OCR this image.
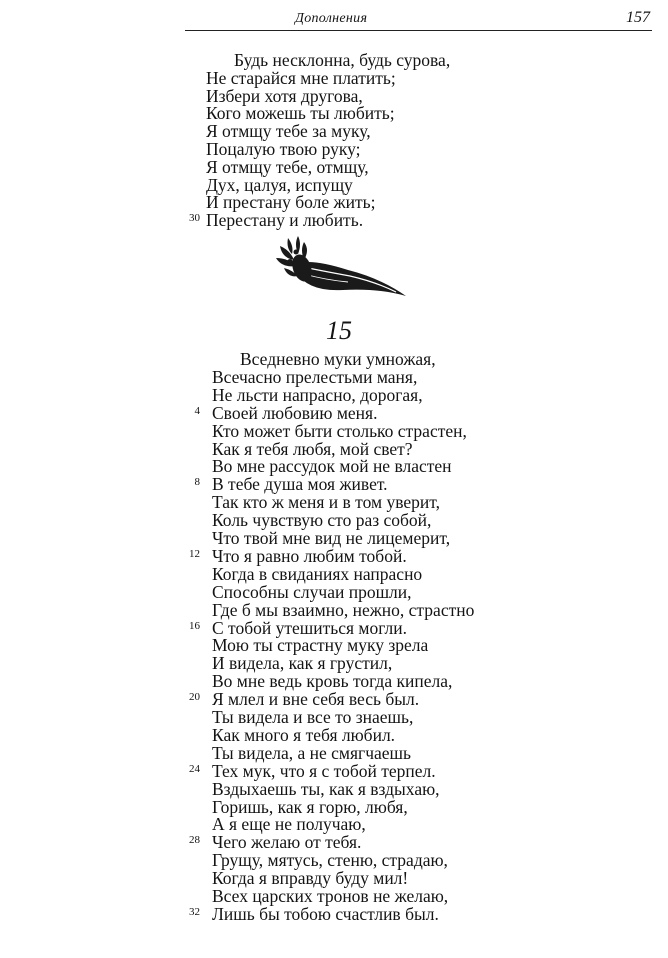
Дополнения	157
Будь несклонна, будь сурова,
Не старайся мне платить;
Избери хотя другова,
Кого можешь ты любить;
Я отмщу тебе за муку,
Поцалую твою руку;
Я отмщу тебе, отмщу,
Дух, цалуя, испущу
И престану боле жить;
Перестану и любить.
30
15
Вседневно муки умножая,
Всечасно прелестьми маня,
Не льсти напрасно, дорогая,
Своей любовию меня.
4
Кто может быти столько страстен,
Как я тебя любя, мой свет?
Во мне рассудок мой не властен
В тебе душа моя живет.
8
Так кто ж меня и в том уверит,
Коль чувствую сто раз собой,
Что твой мне вид не лицемерит,
Что я равно любим тобой.
12
Когда в свиданиях напрасно
Способны случаи прошли,
Где б мы взаимно, нежно, страстно
С тобой утешиться могли.
16
Мою ты страстну муку зрела
И видела, как я грустил,
Во мне ведь кровь тогда кипела,
Я млел и вне себя весь был.
20
Ты видела и все то знаешь,
Как много я тебя любил.
Ты видела, а не смягчаешь
Тех мук, что я с тобой терпел.
24
Вздыхаешь ты, как я вздыхаю,
Горишь, как я горю, любя,
А я еще не получаю,
Чего желаю от тебя.
28
Грущу, мятусь, стеню, страдаю,
Когда я вправду буду мил!
Всех царских тронов не желаю,
Лишь бы тобою счастлив был.
32
